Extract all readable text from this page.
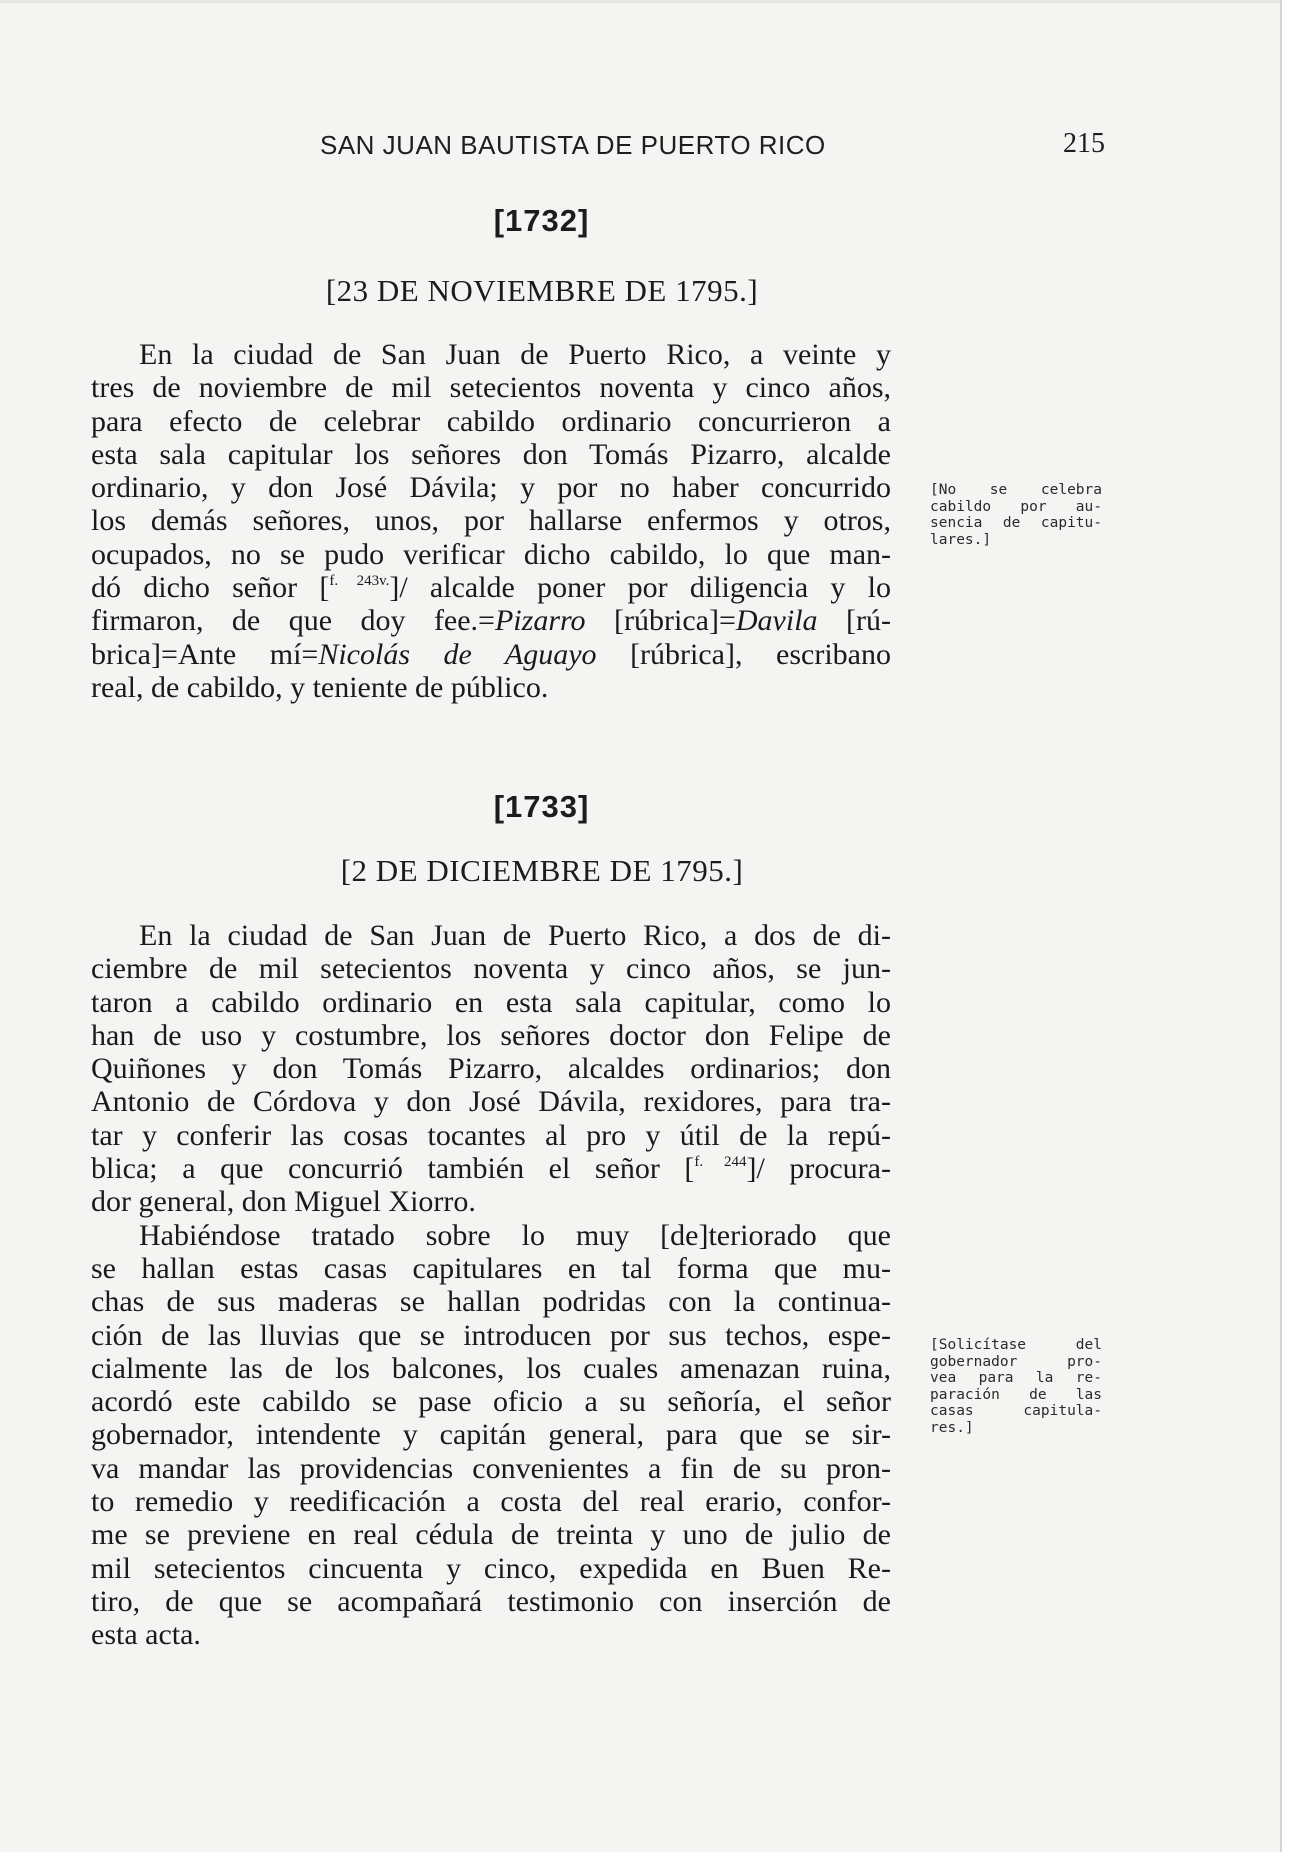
SAN JUAN BAUTISTA DE PUERTO RICO	215
[1732]
[23 DE NOVIEMBRE DE 1795.]
En la ciudad de San Juan de Puerto Rico, a veinte y
tres de noviembre de mil setecientos noventa y cinco años,
para efecto de celebrar cabildo ordinario concurrieron a
esta sala capitular los señores don Tomás Pizarro, alcalde
ordinario, y don José Dávila; y por no haber concurrido
los demás señores, unos, por hallarse enfermos y otros,
ocupados, no se pudo verificar dicho cabildo, lo que man-
dó dicho señor [$^{f. 243v.}$]/ alcalde poner por diligencia y lo
firmaron, de que doy fee.=Pizarro [rúbrica]=Davila [rú-
brica]=Ante mí=Nicolás de Aguayo [rúbrica], escribano
real, de cabildo, y teniente de público.
[No se celebra
cabildo por au-
sencia de capitu-
lares.]
[1733]
[2 DE DICIEMBRE DE 1795.]
En la ciudad de San Juan de Puerto Rico, a dos de di-
ciembre de mil setecientos noventa y cinco años, se jun-
taron a cabildo ordinario en esta sala capitular, como lo
han de uso y costumbre, los señores doctor don Felipe de
Quiñones y don Tomás Pizarro, alcaldes ordinarios; don
Antonio de Córdova y don José Dávila, rexidores, para tra-
tar y conferir las cosas tocantes al pro y útil de la repú-
blica; a que concurrió también el señor [$^{f. 244}$]/ procura-
dor general, don Miguel Xiorro.
Habiéndose tratado sobre lo muy [de]teriorado que
se hallan estas casas capitulares en tal forma que mu-
chas de sus maderas se hallan podridas con la continua-
ción de las lluvias que se introducen por sus techos, espe-
cialmente las de los balcones, los cuales amenazan ruina,
acordó este cabildo se pase oficio a su señoría, el señor
gobernador, intendente y capitán general, para que se sir-
va mandar las providencias convenientes a fin de su pron-
to remedio y reedificación a costa del real erario, confor-
me se previene en real cédula de treinta y uno de julio de
mil setecientos cincuenta y cinco, expedida en Buen Re-
tiro, de que se acompañará testimonio con inserción de
esta acta.
[Solicítase del
gobernador pro-
vea para la re-
paración de las
casas capitula-
res.]
